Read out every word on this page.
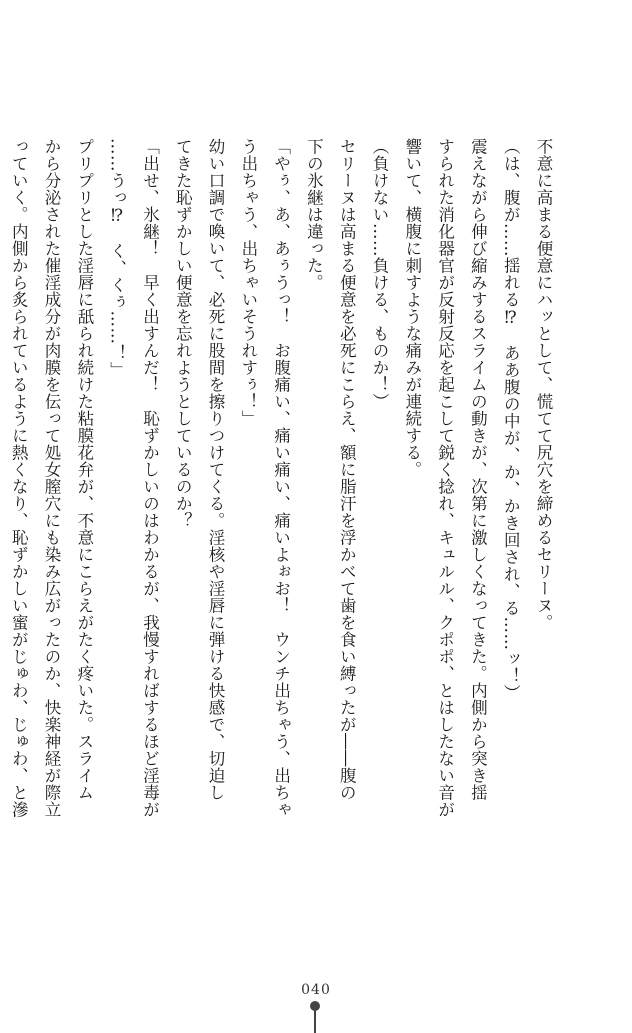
不意に高まる便意にハッとして、慌てて尻穴を締めるセリーヌ。
（は、腹が……揺れる⁉　ああ腹の中が、か、かき回され、る……ッ！）
震えながら伸び縮みするスライムの動きが、次第に激しくなってきた。内側から突き揺
すられた消化器官が反射反応を起こして鋭く捻れ、キュルル、クポポ、とはしたない音が
響いて、横腹に刺すような痛みが連続する。
（負けない……負ける、ものか！）
セリーヌは高まる便意を必死にこらえ、額に脂汗を浮かべて歯を食い縛ったが――腹の
下の氷継は違った。
「やぅ、あ、あぅうっ！　お腹痛い、痛い痛い、痛いよぉお！　ウンチ出ちゃう、出ちゃ
う出ちゃう、出ちゃいそうれすぅ！」
幼い口調で喚いて、必死に股間を擦りつけてくる。淫核や淫唇に弾ける快感で、切迫し
てきた恥ずかしい便意を忘れようとしているのか？
「出せ、氷継！　早く出すんだ！　恥ずかしいのはわかるが、我慢すればするほど淫毒が
……うっ⁉　く、くぅ……！」
プリプリとした淫唇に舐られ続けた粘膜花弁が、不意にこらえがたく疼いた。スライム
から分泌された催淫成分が肉膜を伝って処女膣穴にも染み広がったのか、快楽神経が際立
っていく。内側から炙られているように熱くなり、恥ずかしい蜜がじゅわ、じゅわ、と滲
040
